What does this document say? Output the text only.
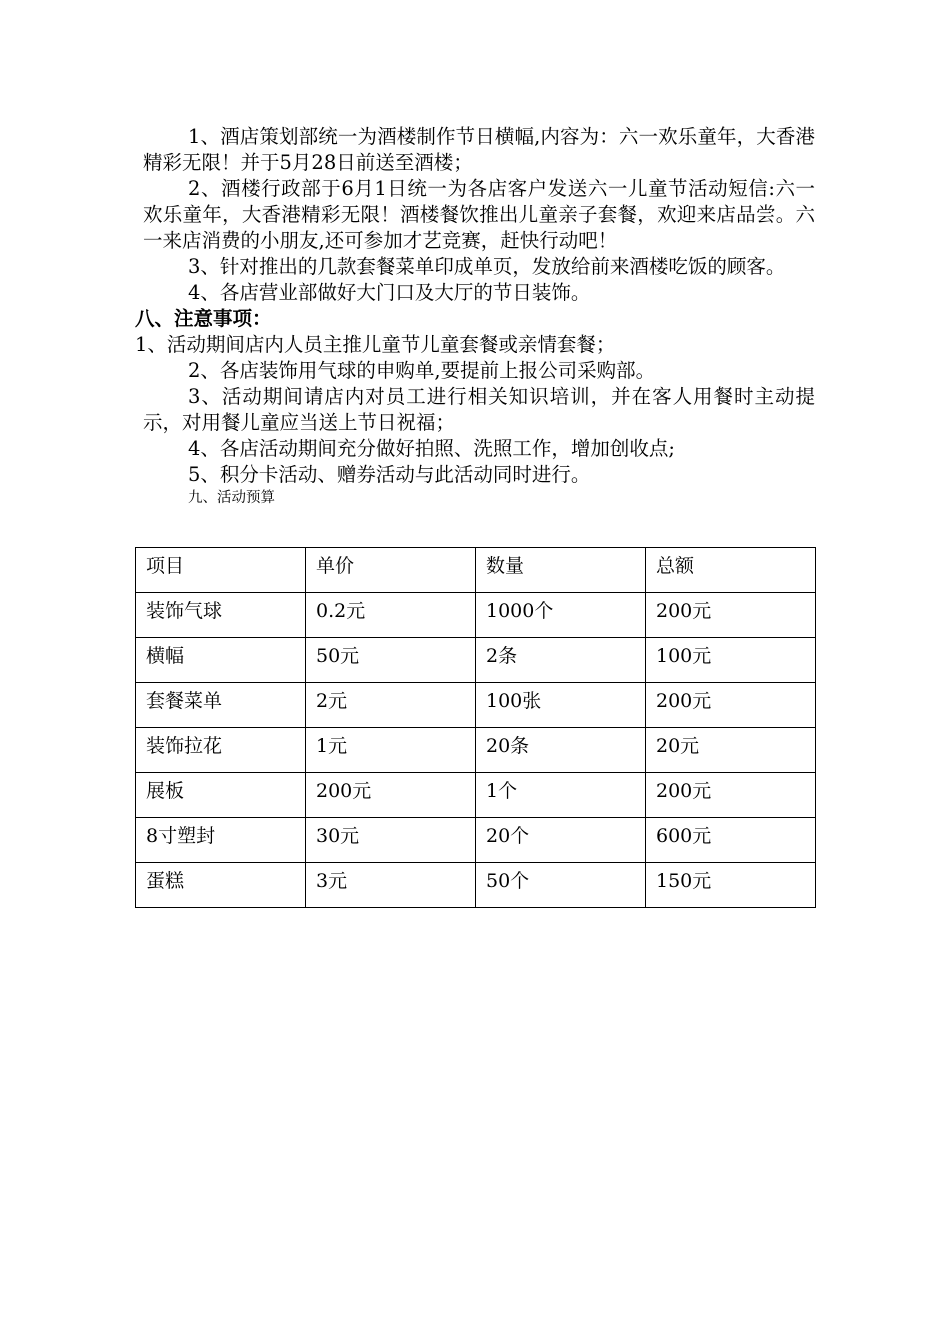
1、酒店策划部统一为酒楼制作节日横幅,内容为：六一欢乐童年，大香港精彩无限！并于5月28日前送至酒楼；

2、酒楼行政部于6月1日统一为各店客户发送六一儿童节活动短信:六一欢乐童年，大香港精彩无限！酒楼餐饮推出儿童亲子套餐，欢迎来店品尝。六一来店消费的小朋友,还可参加才艺竞赛，赶快行动吧！

3、针对推出的几款套餐菜单印成单页，发放给前来酒楼吃饭的顾客。

4、各店营业部做好大门口及大厅的节日装饰。

八、注意事项：

1、活动期间店内人员主推儿童节儿童套餐或亲情套餐；

2、各店装饰用气球的申购单,要提前上报公司采购部。

3、活动期间请店内对员工进行相关知识培训，并在客人用餐时主动提示，对用餐儿童应当送上节日祝福；

4、各店活动期间充分做好拍照、洗照工作，增加创收点;

5、积分卡活动、赠券活动与此活动同时进行。

九、活动预算

项目	单价	数量	总额
装饰气球	0.2元	1000个	200元
横幅	50元	2条	100元
套餐菜单	2元	100张	200元
装饰拉花	1元	20条	20元
展板	200元	1个	200元
8寸塑封	30元	20个	600元
蛋糕	3元	50个	150元
